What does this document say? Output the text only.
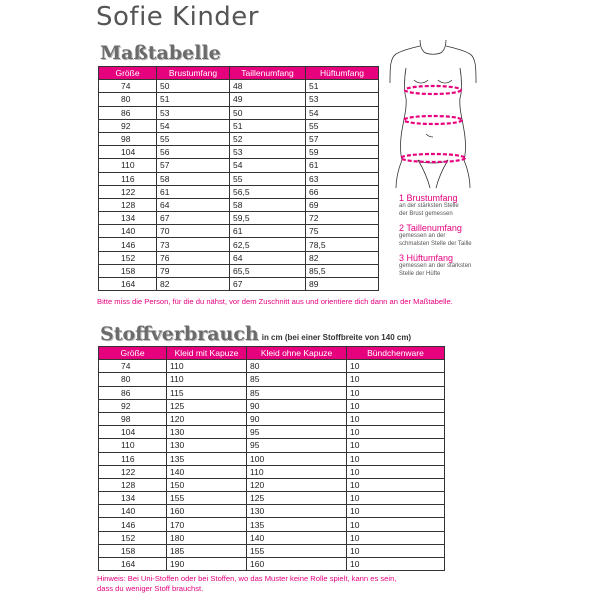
Sofie Kinder
Maßtabelle
Größe	Brustumfang	Taillenumfang	Hüftumfang
74	50	48	51
80	51	49	53
86	53	50	54
92	54	51	55
98	55	52	57
104	56	53	59
110	57	54	61
116	58	55	63
122	61	56,5	66
128	64	58	69
134	67	59,5	72
140	70	61	75
146	73	62,5	78,5
152	76	64	82
158	79	65,5	85,5
164	82	67	89
Bitte miss die Person, für die du nähst, vor dem Zuschnitt aus und orientiere dich dann an der Maßtabelle.
1 Brustumfang
an der stärksten Stelle
der Brust gemessen
2 Taillenumfang
gemessen an der
schmalsten Stelle der Taille
3 Hüftumfang
gemessen an der stärksten
Stelle der Hüfte
Stoffverbrauch in cm (bei einer Stoffbreite von 140 cm)
Größe	Kleid mit Kapuze	Kleid ohne Kapuze	Bündchenware
74	110	80	10
80	110	85	10
86	115	85	10
92	125	90	10
98	120	90	10
104	130	95	10
110	130	95	10
116	135	100	10
122	140	110	10
128	150	120	10
134	155	125	10
140	160	130	10
146	170	135	10
152	180	140	10
158	185	155	10
164	190	160	10
Hinweis: Bei Uni-Stoffen oder bei Stoffen, wo das Muster keine Rolle spielt, kann es sein,
dass du weniger Stoff brauchst.
